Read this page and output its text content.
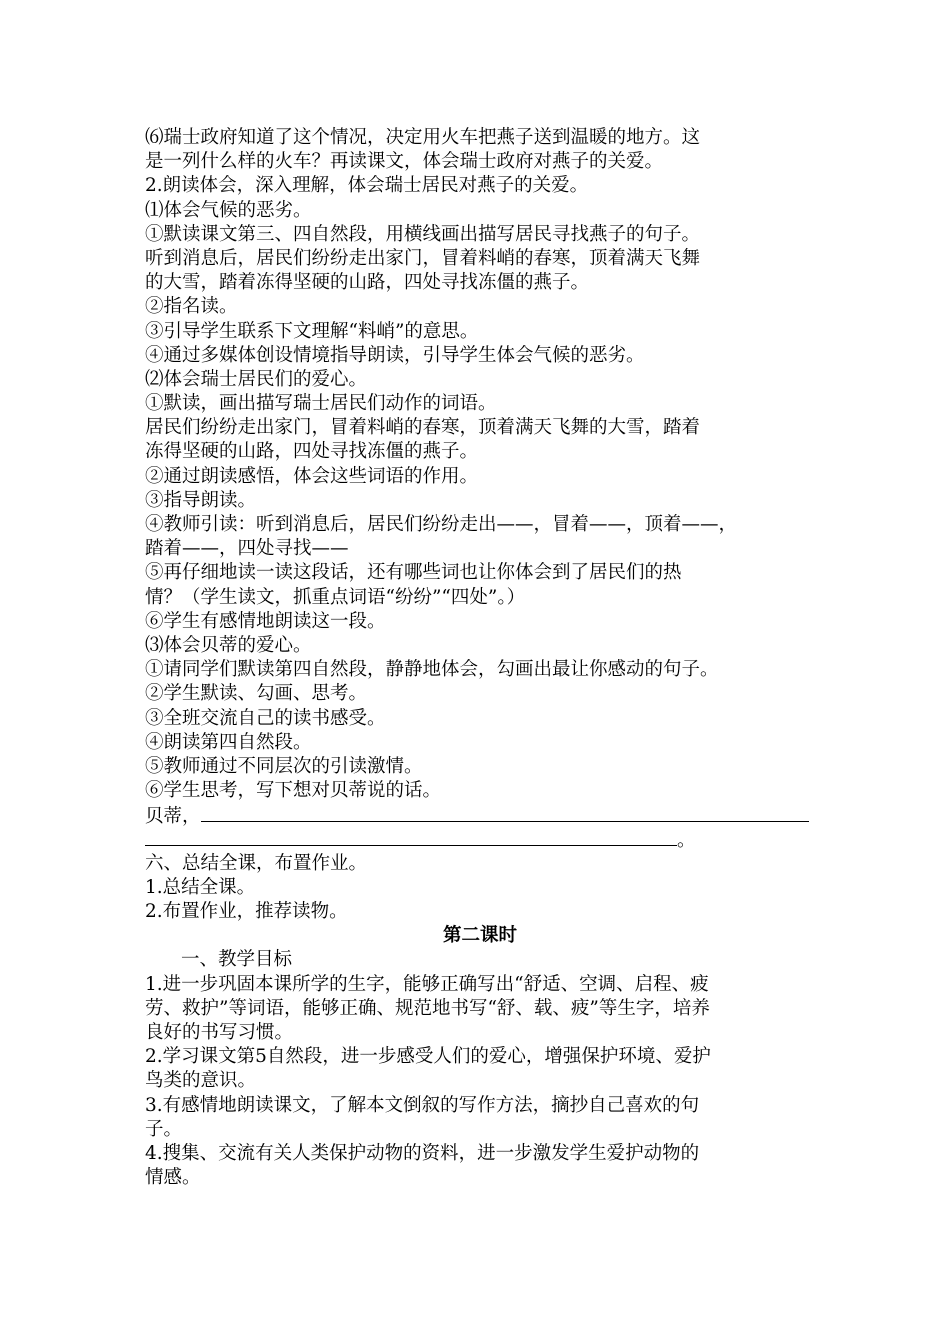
⑹瑞士政府知道了这个情况，决定用火车把燕子送到温暖的地方。这
是一列什么样的火车？再读课文，体会瑞士政府对燕子的关爱。
2.朗读体会，深入理解，体会瑞士居民对燕子的关爱。
⑴体会气候的恶劣。
①默读课文第三、四自然段，用横线画出描写居民寻找燕子的句子。
听到消息后，居民们纷纷走出家门，冒着料峭的春寒，顶着满天飞舞
的大雪，踏着冻得坚硬的山路，四处寻找冻僵的燕子。
②指名读。
③引导学生联系下文理解“料峭”的意思。
④通过多媒体创设情境指导朗读，引导学生体会气候的恶劣。
⑵体会瑞士居民们的爱心。
①默读，画出描写瑞士居民们动作的词语。
居民们纷纷走出家门，冒着料峭的春寒，顶着满天飞舞的大雪，踏着
冻得坚硬的山路，四处寻找冻僵的燕子。
②通过朗读感悟，体会这些词语的作用。
③指导朗读。
④教师引读：听到消息后，居民们纷纷走出——，冒着——，顶着——，
踏着——，四处寻找——
⑤再仔细地读一读这段话，还有哪些词也让你体会到了居民们的热
情？（学生读文，抓重点词语“纷纷”“四处”。）
⑥学生有感情地朗读这一段。
⑶体会贝蒂的爱心。
①请同学们默读第四自然段，静静地体会，勾画出最让你感动的句子。
②学生默读、勾画、思考。
③全班交流自己的读书感受。
④朗读第四自然段。
⑤教师通过不同层次的引读激情。
⑥学生思考，写下想对贝蒂说的话。
贝蒂，
。
六、总结全课，布置作业。
1.总结全课。
2.布置作业，推荐读物。
第二课时
一、教学目标
1.进一步巩固本课所学的生字，能够正确写出“舒适、空调、启程、疲
劳、救护”等词语，能够正确、规范地书写“舒、载、疲”等生字，培养
良好的书写习惯。
2.学习课文第5自然段，进一步感受人们的爱心，增强保护环境、爱护
鸟类的意识。
3.有感情地朗读课文，了解本文倒叙的写作方法，摘抄自己喜欢的句
子。
4.搜集、交流有关人类保护动物的资料，进一步激发学生爱护动物的
情感。
